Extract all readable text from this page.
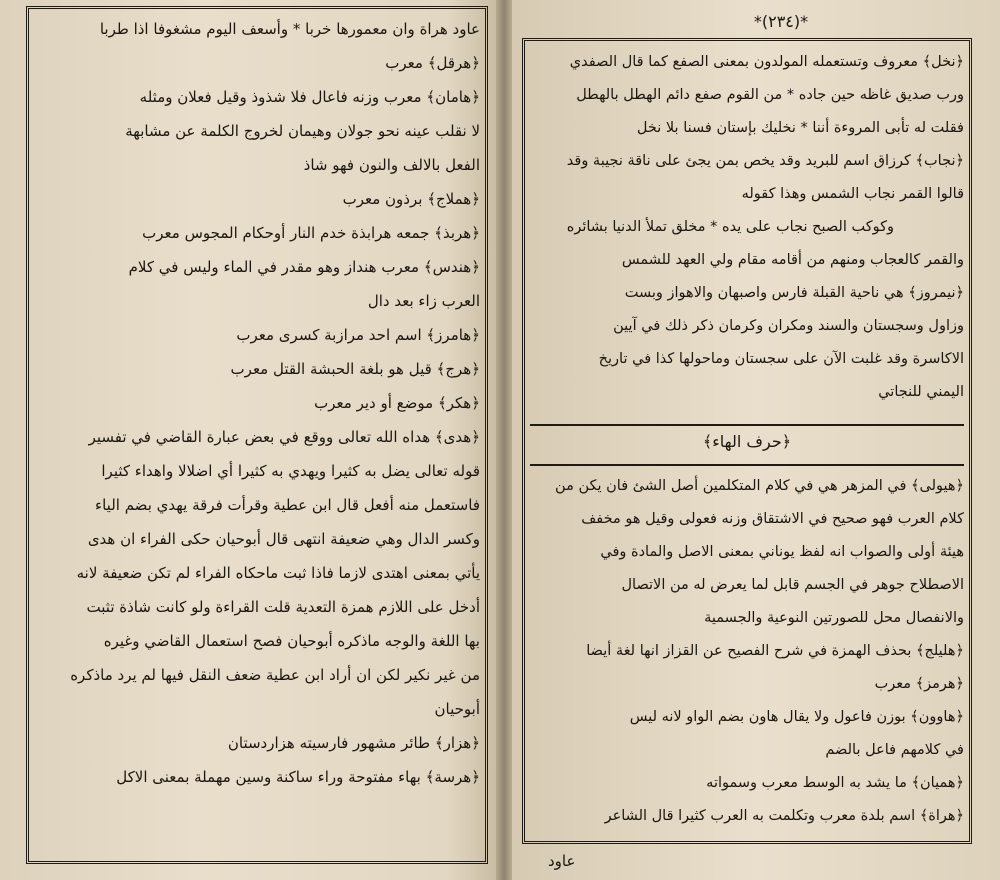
*(٢٣٤)*
﴿نخل﴾ معروف وتستعمله المولدون بمعنى الصفع كما قال الصفدي
ورب صديق غاظه حين جاده * من القوم صفع دائم الهطل بالهطل
فقلت له تأبى المروءة أننا * نخليك بإستان فسنا بلا نخل
﴿نجاب﴾ كرزاق اسم للبريد وقد يخص بمن يجئ على ناقة نجيبة وقد
قالوا القمر نجاب الشمس وهذا كقوله
وكوكب الصبح نجاب على يده * مخلق تملأ الدنيا بشائره
والقمر كالعجاب ومنهم من أقامه مقام ولي العهد للشمس
﴿نيمروز﴾ هي ناحية القبلة فارس واصبهان والاهواز وبست
وزاول وسجستان والسند ومكران وكرمان ذكر ذلك في آيين
الاكاسرة وقد غلبت الآن على سجستان وماحولها كذا في تاريخ
اليمني للنجاتي
﴿حرف الهاء﴾
﴿هيولى﴾ في المزهر هي في كلام المتكلمين أصل الشئ فان يكن من
كلام العرب فهو صحيح في الاشتقاق وزنه فعولى وقيل هو مخفف
هيئة أولى والصواب انه لفظ يوناني بمعنى الاصل والمادة وفي
الاصطلاح جوهر في الجسم قابل لما يعرض له من الاتصال
والانفصال محل للصورتين النوعية والجسمية
﴿هليلج﴾ بحذف الهمزة في شرح الفصيح عن القزاز انها لغة أيضا
﴿هرمز﴾ معرب
﴿هاوون﴾ بوزن فاعول ولا يقال هاون بضم الواو لانه ليس
في كلامهم فاعل بالضم
﴿هميان﴾ ما يشد به الوسط معرب وسمواته
﴿هراة﴾ اسم بلدة معرب وتكلمت به العرب كثيرا قال الشاعر
عاود
عاود هراة وان معمورها خربا * وأسعف اليوم مشغوفا اذا طربا
﴿هرقل﴾ معرب
﴿هامان﴾ معرب وزنه فاعال فلا شذوذ وقيل فعلان ومثله
لا نقلب عينه نحو جولان وهيمان لخروج الكلمة عن مشابهة
الفعل بالالف والنون فهو شاذ
﴿هملاج﴾ برذون معرب
﴿هربذ﴾ جمعه هرابذة خدم النار أوحكام المجوس معرب
﴿هندس﴾ معرب هنداز وهو مقدر في الماء وليس في كلام
العرب زاء بعد دال
﴿هامرز﴾ اسم احد مرازبة كسرى معرب
﴿هرج﴾ قيل هو بلغة الحبشة القتل معرب
﴿هكر﴾ موضع أو دير معرب
﴿هدى﴾ هداه الله تعالى ووقع في بعض عبارة القاضي في تفسير
قوله تعالى يضل به كثيرا ويهدي به كثيرا أي اضلالا واهداء كثيرا
فاستعمل منه أفعل قال ابن عطية وقرأت فرقة يهدي بضم الياء
وكسر الدال وهي ضعيفة انتهى قال أبوحيان حكى الفراء ان هدى
يأتي بمعنى اهتدى لازما فاذا ثبت ماحكاه الفراء لم تكن ضعيفة لانه
أدخل على اللازم همزة التعدية قلت القراءة ولو كانت شاذة تثبت
بها اللغة والوجه ماذكره أبوحيان فصح استعمال القاضي وغيره
من غير نكير لكن ان أراد ابن عطية ضعف النقل فيها لم يرد ماذكره
أبوحيان
﴿هزار﴾ طائر مشهور فارسيته هزاردستان
﴿هرسة﴾ بهاء مفتوحة وراء ساكنة وسين مهملة بمعنى الاكل
